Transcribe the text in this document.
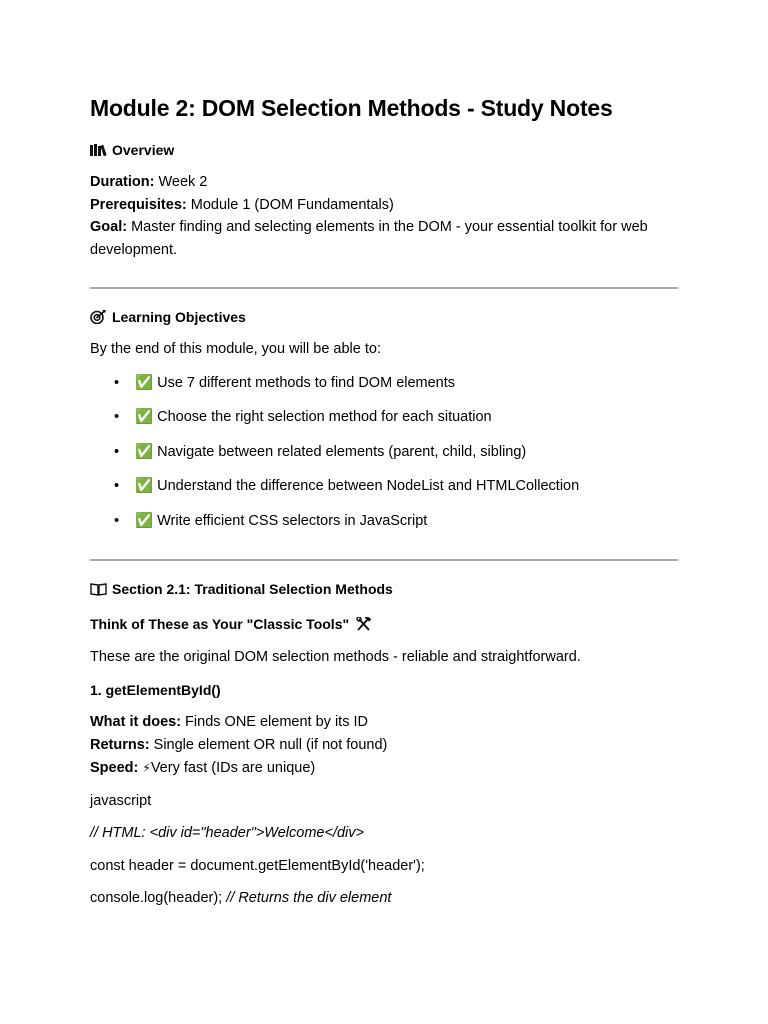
Module 2: DOM Selection Methods - Study Notes
Overview
Duration: Week 2
Prerequisites: Module 1 (DOM Fundamentals)
Goal: Master finding and selecting elements in the DOM - your essential toolkit for web
development.
Learning Objectives
By the end of this module, you will be able to:
• ✅ Use 7 different methods to find DOM elements
• ✅ Choose the right selection method for each situation
• ✅ Navigate between related elements (parent, child, sibling)
• ✅ Understand the difference between NodeList and HTMLCollection
• ✅ Write efficient CSS selectors in JavaScript
Section 2.1: Traditional Selection Methods
Think of These as Your "Classic Tools"
These are the original DOM selection methods - reliable and straightforward.
1. getElementById()
What it does: Finds ONE element by its ID
Returns: Single element OR null (if not found)
Speed: ⚡Very fast (IDs are unique)
javascript
// HTML: <div id="header">Welcome</div>
const header = document.getElementById('header');
console.log(header); // Returns the div element
